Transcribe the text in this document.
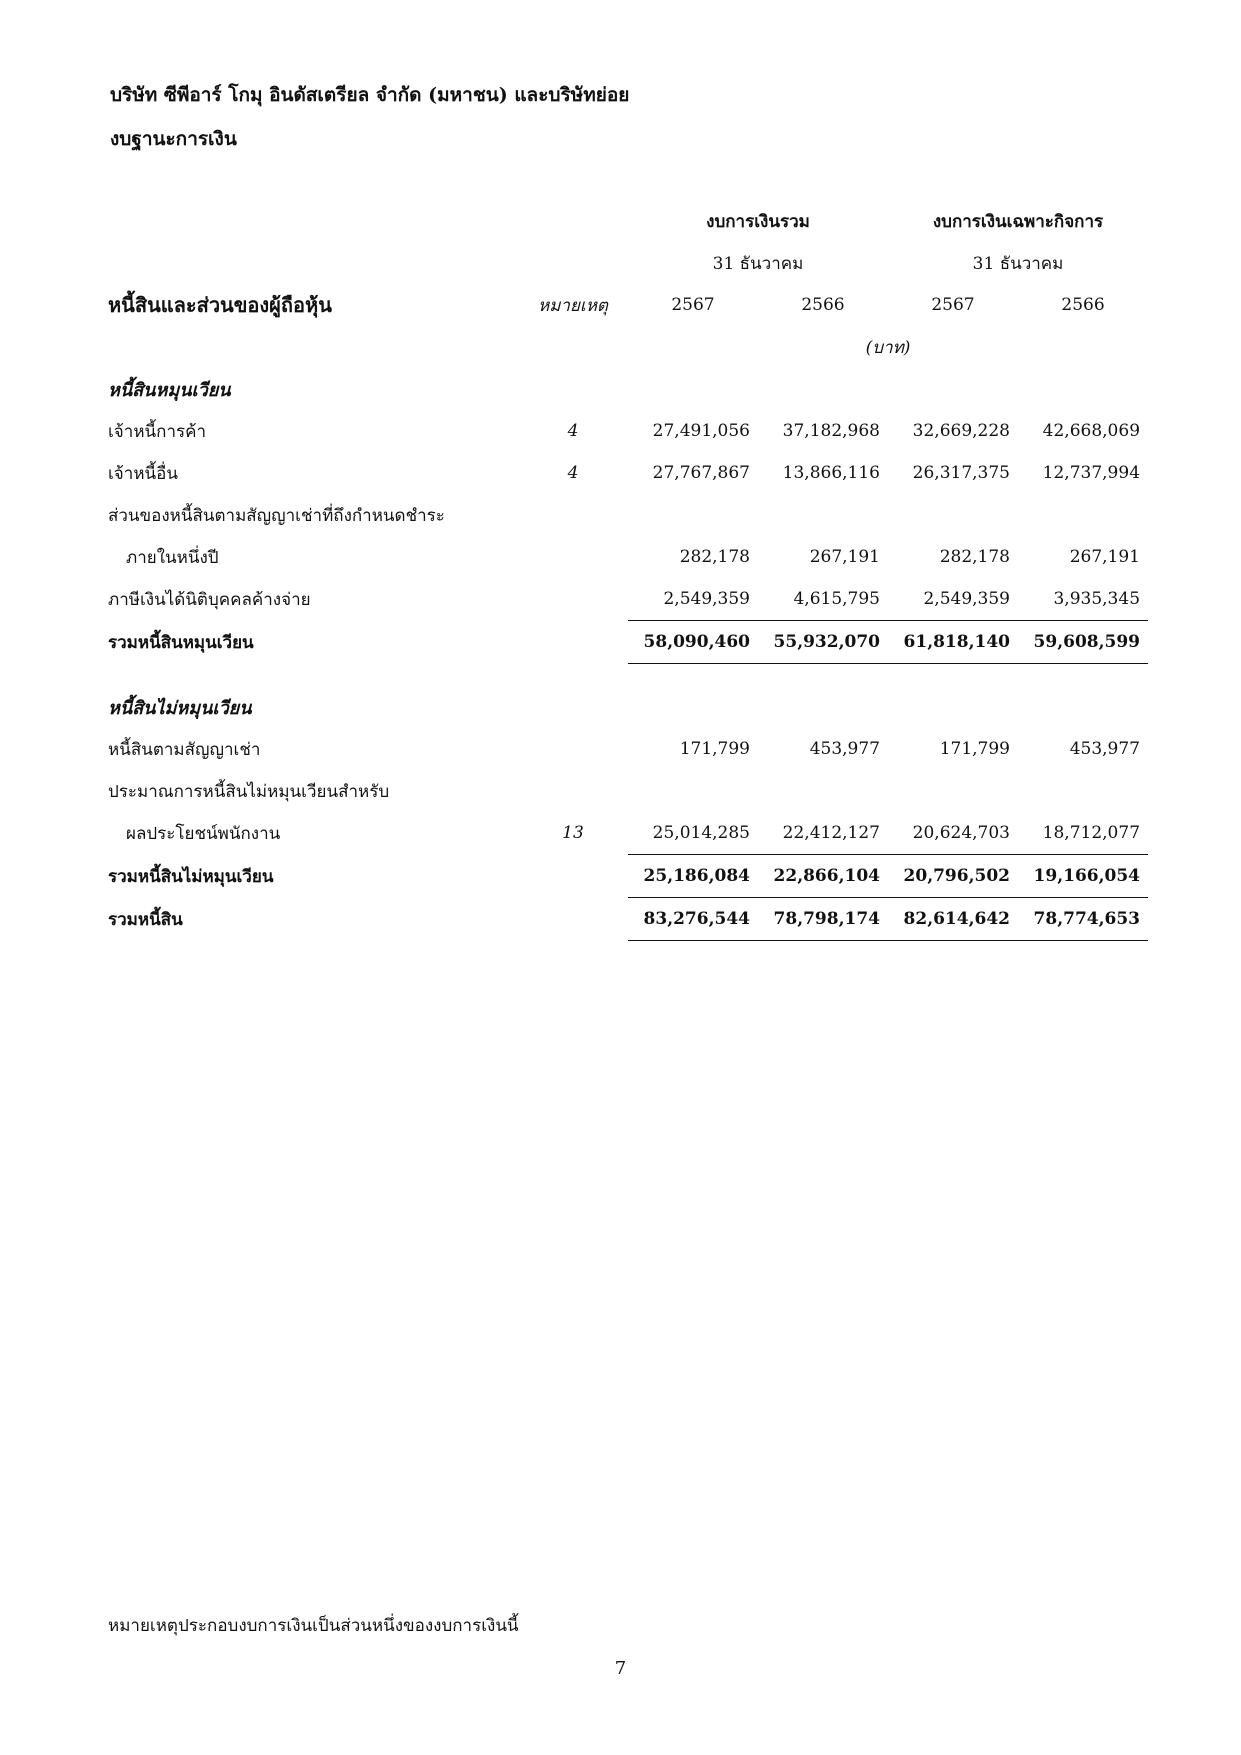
บริษัท ซีพีอาร์ โกมุ อินดัสเตรียล จำกัด (มหาชน) และบริษัทย่อย
งบฐานะการเงิน
		งบการเงินรวม		งบการเงินเฉพาะกิจการ	
		31 ธันวาคม		31 ธันวาคม	
หนี้สินและส่วนของผู้ถือหุ้น	หมายเหตุ	2567	2566	2567	2566
		(บาท)			
หนี้สินหมุนเวียน					
เจ้าหนี้การค้า	4	27,491,056	37,182,968	32,669,228	42,668,069
เจ้าหนี้อื่น	4	27,767,867	13,866,116	26,317,375	12,737,994
ส่วนของหนี้สินตามสัญญาเช่าที่ถึงกำหนดชำระ					
ภายในหนึ่งปี		282,178	267,191	282,178	267,191
ภาษีเงินได้นิติบุคคลค้างจ่าย		2,549,359	4,615,795	2,549,359	3,935,345
รวมหนี้สินหมุนเวียน		58,090,460	55,932,070	61,818,140	59,608,599

หนี้สินไม่หมุนเวียน					
หนี้สินตามสัญญาเช่า		171,799	453,977	171,799	453,977
ประมาณการหนี้สินไม่หมุนเวียนสำหรับ					
ผลประโยชน์พนักงาน	13	25,014,285	22,412,127	20,624,703	18,712,077
รวมหนี้สินไม่หมุนเวียน		25,186,084	22,866,104	20,796,502	19,166,054
รวมหนี้สิน		83,276,544	78,798,174	82,614,642	78,774,653
หมายเหตุประกอบงบการเงินเป็นส่วนหนึ่งของงบการเงินนี้
7
